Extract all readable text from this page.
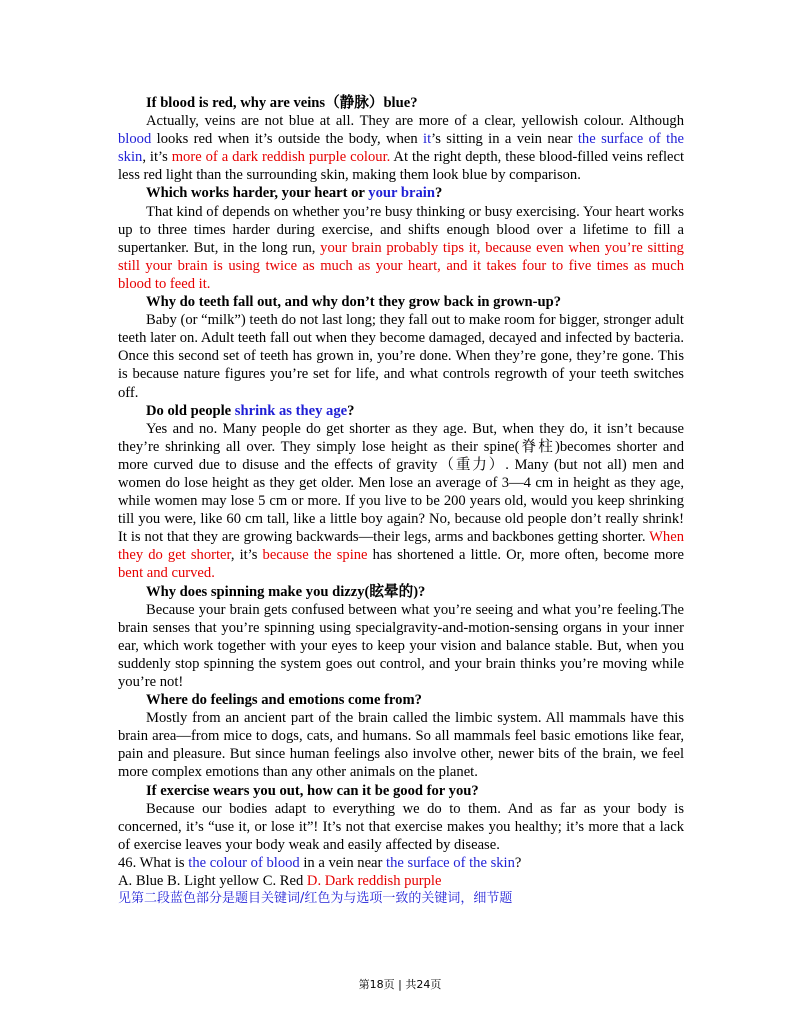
If blood is red, why are veins（静脉）blue?

Actually, veins are not blue at all. They are more of a clear, yellowish colour. Although blood looks red when it’s outside the body, when it’s sitting in a vein near the surface of the skin, it’s more of a dark reddish purple colour. At the right depth, these blood-filled veins reflect less red light than the surrounding skin, making them look blue by comparison.

Which works harder, your heart or your brain?

That kind of depends on whether you’re busy thinking or busy exercising. Your heart works up to three times harder during exercise, and shifts enough blood over a lifetime to fill a supertanker. But, in the long run, your brain probably tips it, because even when you’re sitting still your brain is using twice as much as your heart, and it takes four to five times as much blood to feed it.

Why do teeth fall out, and why don’t they grow back in grown-up?

Baby (or “milk”) teeth do not last long; they fall out to make room for bigger, stronger adult teeth later on. Adult teeth fall out when they become damaged, decayed and infected by bacteria. Once this second set of teeth has grown in, you’re done. When they’re gone, they’re gone. This is because nature figures you’re set for life, and what controls regrowth of your teeth switches off.

Do old people shrink as they age?

Yes and no. Many people do get shorter as they age. But, when they do, it isn’t because they’re shrinking all over. They simply lose height as their spine(脊柱)becomes shorter and more curved due to disuse and the effects of gravity（重力）. Many (but not all) men and women do lose height as they get older. Men lose an average of 3—4 cm in height as they age, while women may lose 5 cm or more. If you live to be 200 years old, would you keep shrinking till you were, like 60 cm tall, like a little boy again? No, because old people don’t really shrink! It is not that they are growing backwards—their legs, arms and backbones getting shorter. When they do get shorter, it’s because the spine has shortened a little. Or, more often, become more bent and curved.

Why does spinning make you dizzy(眩晕的)?

Because your brain gets confused between what you’re seeing and what you’re feeling.The brain senses that you’re spinning using specialgravity-and-motion-sensing organs in your inner ear, which work together with your eyes to keep your vision and balance stable. But, when you suddenly stop spinning the system goes out control, and your brain thinks you’re moving while you’re not!

Where do feelings and emotions come from?

Mostly from an ancient part of the brain called the limbic system. All mammals have this brain area—from mice to dogs, cats, and humans. So all mammals feel basic emotions like fear, pain and pleasure. But since human feelings also involve other, newer bits of the brain, we feel more complex emotions than any other animals on the planet.

If exercise wears you out, how can it be good for you?

Because our bodies adapt to everything we do to them. And as far as your body is concerned, it’s “use it, or lose it”! It’s not that exercise makes you healthy; it’s more that a lack of exercise leaves your body weak and easily affected by disease.

46. What is the colour of blood in a vein near the surface of the skin?

A. Blue B. Light yellow C. Red D. Dark reddish purple

见第二段蓝色部分是题目关键词/红色为与选项一致的关键词，细节题

第18页 | 共24页
